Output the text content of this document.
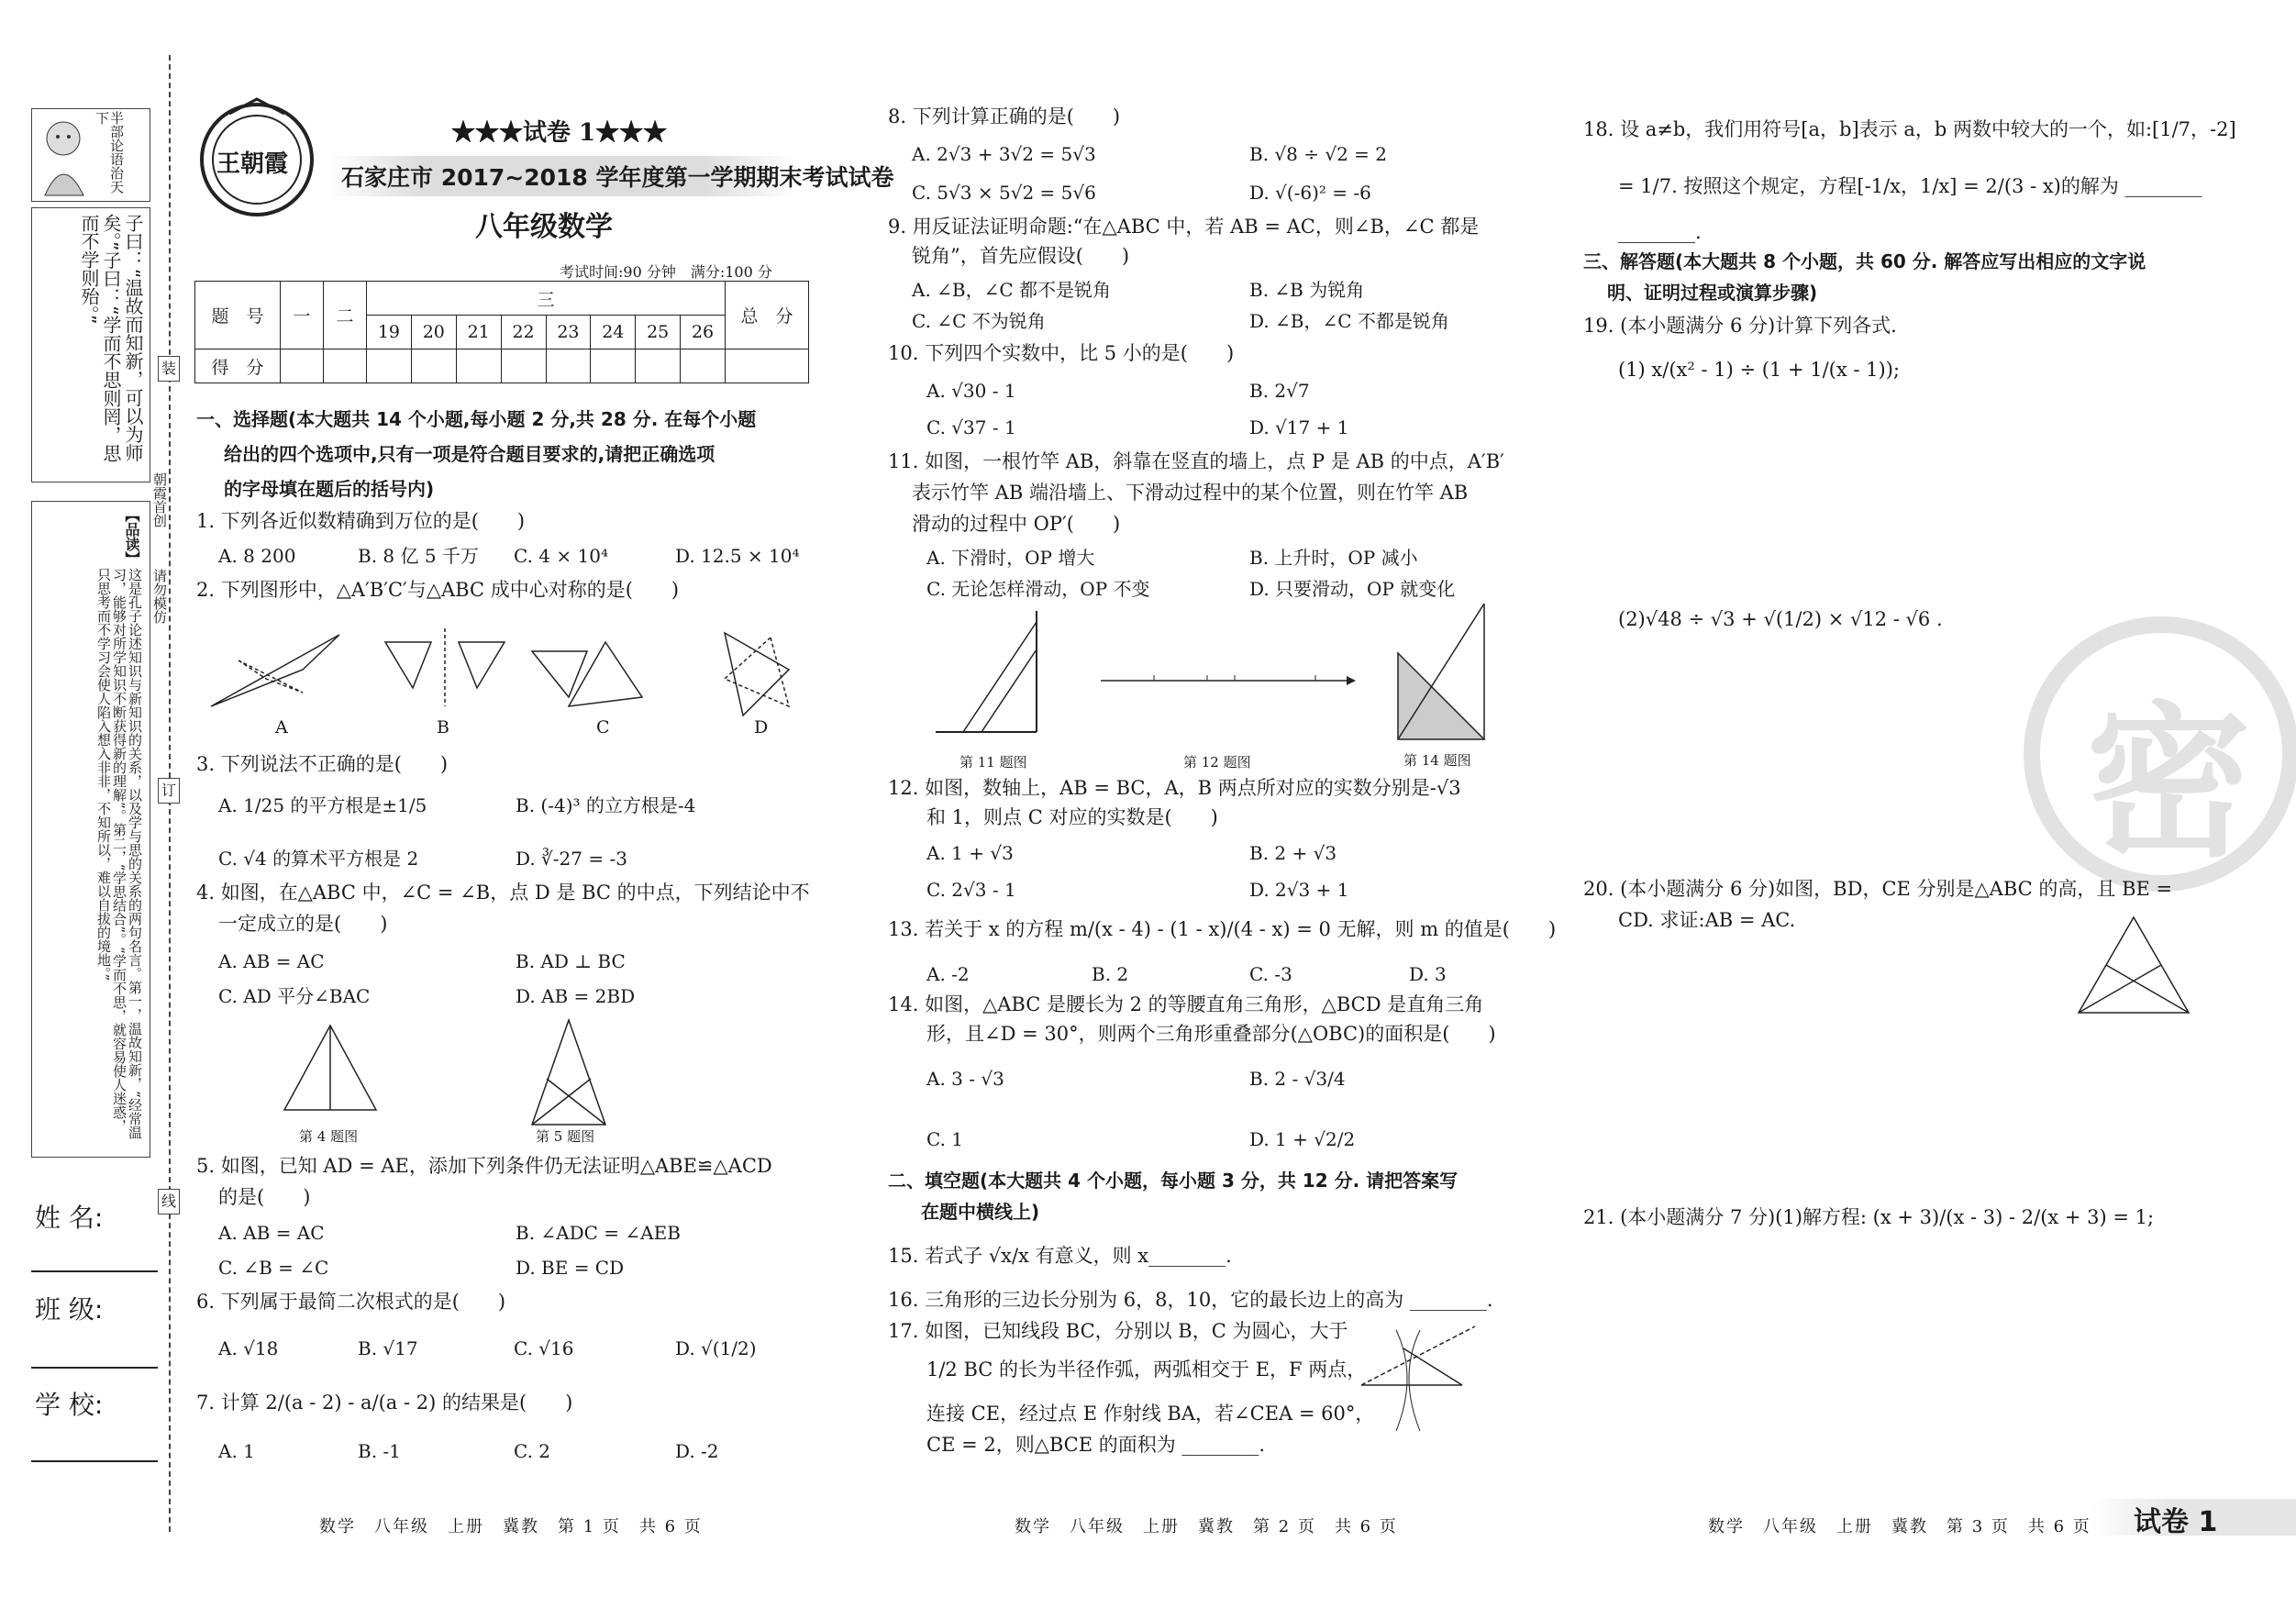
半部论语治天下
子曰：“温故而知新，可以为师矣。”子曰：“学而不思则罔，思而不学则殆。”
【品读】
这是孔子论述知识与新知识的关系，以及学与思的关系的两句名言。第一，温故知新，“经常温习，能够对所学知识不断获得新的理解”。第二，“学思结合”。“学而不思，就容易使人迷惑，只思考而不学习会使人陷入想入非非，不知所以，难以自拔的境地。”
朝霞首创
请勿模仿
装
订
线
姓 名:
班 级:
学 校:
王朝霞
★★★试卷 1★★★
石家庄市 2017~2018 学年度第一学期期末考试试卷
八年级数学
考试时间:90 分钟　满分:100 分
题　号	一	二	三								总　分
			19	20	21	22	23	24	25	26	
得　分											
一、选择题(本大题共 14 个小题,每小题 2 分,共 28 分. 在每个小题
给出的四个选项中,只有一项是符合题目要求的,请把正确选项
的字母填在题后的括号内)
1. 下列各近似数精确到万位的是(　　)
A. 8 200	B. 8 亿 5 千万 C. 4 × 10⁴	D. 12.5 × 10⁴
2. 下列图形中，△A′B′C′与△ABC 成中心对称的是(　　)
A	B	C	D
3. 下列说法不正确的是(　　)
A. 1/25 的平方根是±1/5	B. (-4)³ 的立方根是-4
C. √4 的算术平方根是 2	D. ∛-27 = -3
4. 如图，在△ABC 中，∠C = ∠B，点 D 是 BC 的中点，下列结论中不
一定成立的是(　　)
A. AB = AC	B. AD ⊥ BC
C. AD 平分∠BAC	D. AB = 2BD
第 4 题图	第 5 题图
5. 如图，已知 AD = AE，添加下列条件仍无法证明△ABE≌△ACD
的是(　　)
A. AB = AC	B. ∠ADC = ∠AEB
C. ∠B = ∠C	D. BE = CD
6. 下列属于最简二次根式的是(　　)
A. √18	B. √17	C. √16	D. √(1/2)
7. 计算 2/(a - 2) - a/(a - 2) 的结果是(　　)
A. 1	B. -1	C. 2	D. -2
数学　八年级　上册　冀教　第 1 页　共 6 页
8. 下列计算正确的是(　　)
A. 2√3 + 3√2 = 5√3	B. √8 ÷ √2 = 2
C. 5√3 × 5√2 = 5√6	D. √(-6)² = -6
9. 用反证法证明命题:“在△ABC 中，若 AB = AC，则∠B，∠C 都是
锐角”，首先应假设(　　)
A. ∠B，∠C 都不是锐角	B. ∠B 为锐角
C. ∠C 不为锐角	D. ∠B，∠C 不都是锐角
10. 下列四个实数中，比 5 小的是(　　)
A. √30 - 1	B. 2√7
C. √37 - 1	D. √17 + 1
11. 如图，一根竹竿 AB，斜靠在竖直的墙上，点 P 是 AB 的中点，A′B′
表示竹竿 AB 端沿墙上、下滑动过程中的某个位置，则在竹竿 AB
滑动的过程中 OP′(　　)
A. 下滑时，OP 增大	B. 上升时，OP 减小
C. 无论怎样滑动，OP 不变	D. 只要滑动，OP 就变化
第 11 题图	第 12 题图	第 14 题图
12. 如图，数轴上，AB = BC，A，B 两点所对应的实数分别是-√3
和 1，则点 C 对应的实数是(　　)
A. 1 + √3	B. 2 + √3
C. 2√3 - 1	D. 2√3 + 1
13. 若关于 x 的方程 m/(x - 4) - (1 - x)/(4 - x) = 0 无解，则 m 的值是(　　)
A. -2	B. 2	C. -3	D. 3
14. 如图，△ABC 是腰长为 2 的等腰直角三角形，△BCD 是直角三角
形，且∠D = 30°，则两个三角形重叠部分(△OBC)的面积是(　　)
A. 3 - √3	B. 2 - √3/4
C. 1	D. 1 + √2/2
二、填空题(本大题共 4 个小题，每小题 3 分，共 12 分. 请把答案写
在题中横线上)
15. 若式子 √x/x 有意义，则 x________.
16. 三角形的三边长分别为 6，8，10，它的最长边上的高为 ________.
17. 如图，已知线段 BC，分别以 B，C 为圆心，大于
1/2 BC 的长为半径作弧，两弧相交于 E，F 两点，
连接 CE，经过点 E 作射线 BA，若∠CEA = 60°，
CE = 2，则△BCE 的面积为 ________.
数学　八年级　上册　冀教　第 2 页　共 6 页
密
18. 设 a≠b，我们用符号[a，b]表示 a，b 两数中较大的一个，如:[1/7，-2]
= 1/7. 按照这个规定，方程[-1/x，1/x] = 2/(3 - x)的解为 ________
________.
三、解答题(本大题共 8 个小题，共 60 分. 解答应写出相应的文字说
明、证明过程或演算步骤)
19. (本小题满分 6 分)计算下列各式.
(1) x/(x² - 1) ÷ (1 + 1/(x - 1));
(2)√48 ÷ √3 + √(1/2) × √12 - √6 .
20. (本小题满分 6 分)如图，BD，CE 分别是△ABC 的高，且 BE =
CD. 求证:AB = AC.
21. (本小题满分 7 分)(1)解方程: (x + 3)/(x - 3) - 2/(x + 3) = 1;
数学　八年级　上册　冀教　第 3 页　共 6 页 试卷 1
